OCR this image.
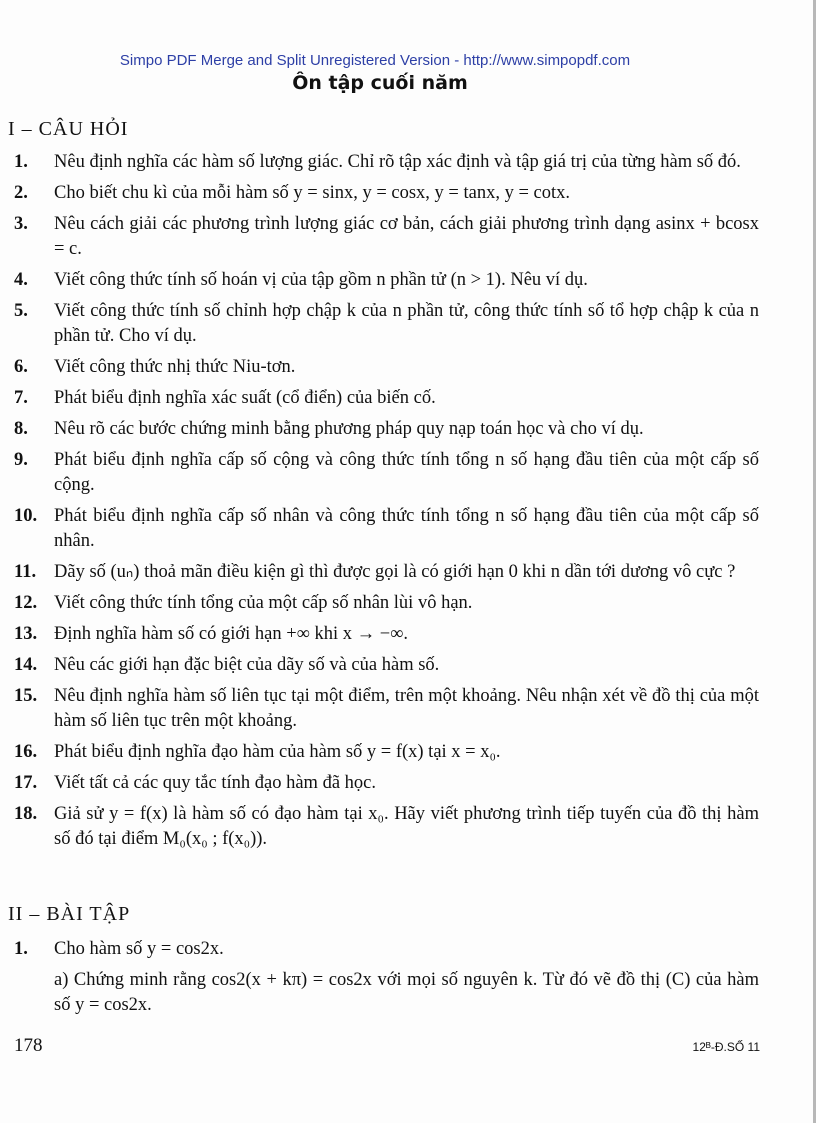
Simpo PDF Merge and Split Unregistered Version - http://www.simpopdf.com
Ôn tập cuối năm
I – CÂU HỎI
1.	Nêu định nghĩa các hàm số lượng giác. Chỉ rõ tập xác định và tập giá trị của từng hàm số đó.
2.	Cho biết chu kì của mỗi hàm số y = sinx, y = cosx, y = tanx, y = cotx.
3.	Nêu cách giải các phương trình lượng giác cơ bản, cách giải phương trình dạng asinx + bcosx = c.
4.	Viết công thức tính số hoán vị của tập gồm n phần tử (n > 1). Nêu ví dụ.
5.	Viết công thức tính số chỉnh hợp chập k của n phần tử, công thức tính số tổ hợp chập k của n phần tử. Cho ví dụ.
6.	Viết công thức nhị thức Niu-tơn.
7.	Phát biểu định nghĩa xác suất (cổ điển) của biến cố.
8.	Nêu rõ các bước chứng minh bằng phương pháp quy nạp toán học và cho ví dụ.
9.	Phát biểu định nghĩa cấp số cộng và công thức tính tổng n số hạng đầu tiên của một cấp số cộng.
10. Phát biểu định nghĩa cấp số nhân và công thức tính tổng n số hạng đầu tiên của một cấp số nhân.
11. Dãy số (uₙ) thoả mãn điều kiện gì thì được gọi là có giới hạn 0 khi n dần tới dương vô cực ?
12. Viết công thức tính tổng của một cấp số nhân lùi vô hạn.
13. Định nghĩa hàm số có giới hạn +∞ khi x → −∞.
14. Nêu các giới hạn đặc biệt của dãy số và của hàm số.
15. Nêu định nghĩa hàm số liên tục tại một điểm, trên một khoảng. Nêu nhận xét về đồ thị của một hàm số liên tục trên một khoảng.
16. Phát biểu định nghĩa đạo hàm của hàm số y = f(x) tại x = x₀.
17. Viết tất cả các quy tắc tính đạo hàm đã học.
18. Giả sử y = f(x) là hàm số có đạo hàm tại x₀. Hãy viết phương trình tiếp tuyến của đồ thị hàm số đó tại điểm M₀(x₀ ; f(x₀)).
II – BÀI TẬP
1.	Cho hàm số y = cos2x.
a) Chứng minh rằng cos2(x + kπ) = cos2x với mọi số nguyên k. Từ đó vẽ đồ thị (C) của hàm số y = cos2x.
178	12ᴮ-Đ.SỐ 11
